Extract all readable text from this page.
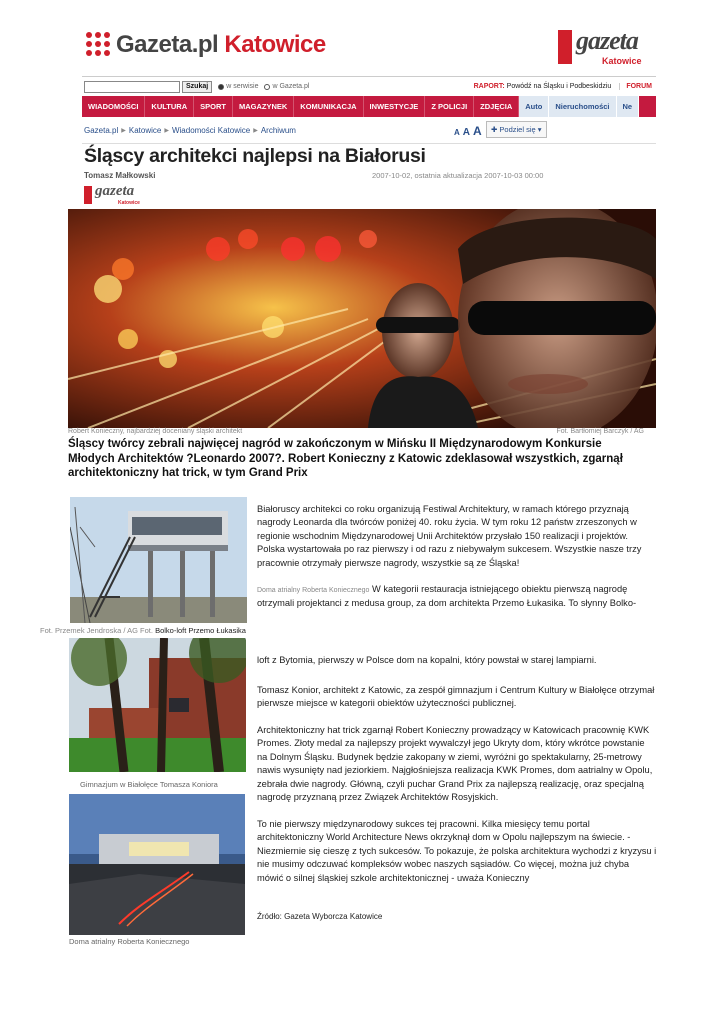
Gazeta.pl Katowice	gazeta
Katowice
Szukaj	w serwisie w Gazeta.pl	RAPORT: Powódź na Śląsku i Podbeskidziu	FORUM
WIADOMOŚCI	KULTURA	SPORT	MAGAZYNEK	KOMUNIKACJA	INWESTYCJE	Z POLICJI	ZDJĘCIA	Auto	Nieruchomości	Ne
Gazeta.pl ▶ Katowice ▶ Wiadomości Katowice ▶ Archiwum	A A A	✚ Podziel się ▾
Śląscy architekci najlepsi na Białorusi
Tomasz Małkowski	2007-10-02, ostatnia aktualizacja 2007-10-03 00:00
gazeta
Katowice
Robert Konieczny, najbardziej doceniany śląski architekt	Fot. Bartłomiej Barczyk / AG
Śląscy twórcy zebrali najwięcej nagród w zakończonym w Mińsku II Międzynarodowym Konkursie Młodych Architektów ?Leonardo 2007?. Robert Konieczny z Katowic zdeklasował wszystkich, zgarnął architektoniczny hat trick, w tym Grand Prix
Fot. Przemek Jendroska / AG Fot. Bolko-loft Przemo Łukasika
Gimnazjum w Białołęce Tomasza Koniora
Doma atrialny Roberta Koniecznego

Białoruscy architekci co roku organizują Festiwal Architektury, w ramach którego przyznają nagrody Leonarda dla twórców poniżej 40. roku życia. W tym roku 12 państw zrzeszonych w regionie wschodnim Międzynarodowej Unii Architektów przysłało 150 realizacji i projektów. Polska wystartowała po raz pierwszy i od razu z niebywałym sukcesem. Wszystkie nasze trzy pracownie otrzymały pierwsze nagrody, wszystkie są ze Śląska!

Doma atrialny Roberta Koniecznego W kategorii restauracja istniejącego obiektu pierwszą nagrodę otrzymali projektanci z medusa group, za dom architekta Przemo Łukasika. To słynny Bolko-

loft z Bytomia, pierwszy w Polsce dom na kopalni, który powstał w starej lampiarni.

Tomasz Konior, architekt z Katowic, za zespół gimnazjum i Centrum Kultury w Białołęce otrzymał pierwsze miejsce w kategorii obiektów użyteczności publicznej.

Architektoniczny hat trick zgarnął Robert Konieczny prowadzący w Katowicach pracownię KWK Promes. Złoty medal za najlepszy projekt wywalczył jego Ukryty dom, który wkrótce powstanie na Dolnym Śląsku. Budynek będzie zakopany w ziemi, wyróżni go spektakularny, 25-metrowy nawis wysunięty nad jeziorkiem. Najgłośniejsza realizacja KWK Promes, dom aatrialny w Opolu, zebrała dwie nagrody. Główną, czyli puchar Grand Prix za najlepszą realizację, oraz specjalną nagrodę przyznaną przez Związek Architektów Rosyjskich.

To nie pierwszy międzynarodowy sukces tej pracowni. Kilka miesięcy temu portal architektoniczny World Architecture News okrzyknął dom w Opolu najlepszym na świecie. - Niezmiernie się cieszę z tych sukcesów. To pokazuje, że polska architektura wychodzi z kryzysu i nie musimy odczuwać kompleksów wobec naszych sąsiadów. Co więcej, można już chyba mówić o silnej śląskiej szkole architektonicznej - uważa Konieczny

Źródło: Gazeta Wyborcza Katowice
